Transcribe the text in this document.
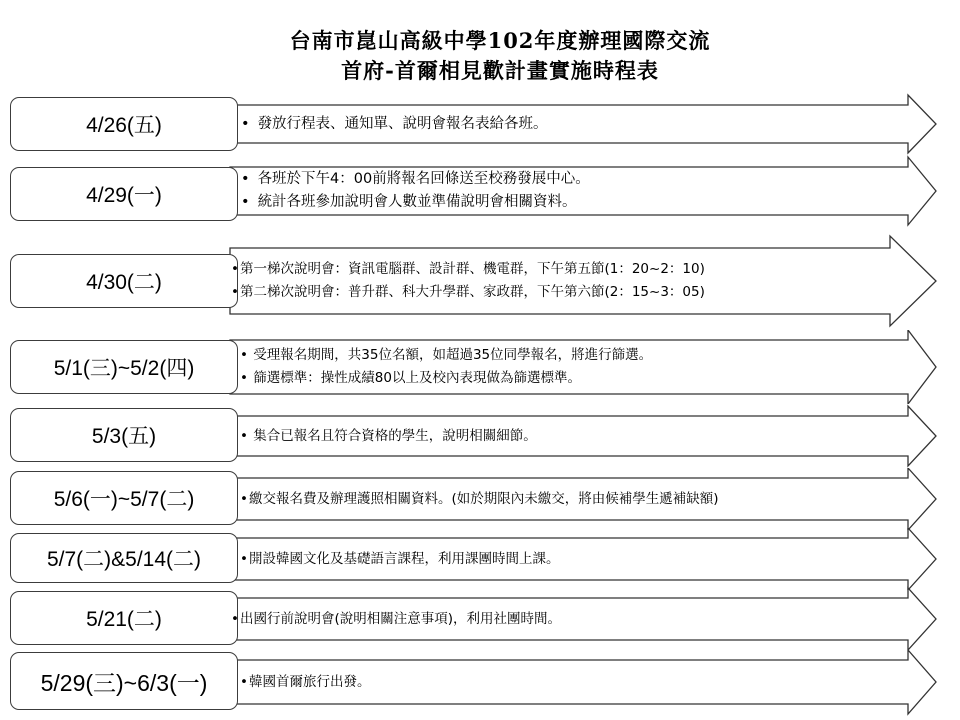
台南市崑山高級中學102年度辦理國際交流
首府-首爾相見歡計畫實施時程表
4/26(五)	• 發放行程表、通知單、說明會報名表給各班。
4/29(一)
• 各班於下午4：00前將報名回條送至校務發展中心。
• 統計各班參加說明會人數並準備說明會相關資料。
4/30(二)
•第一梯次說明會：資訊電腦群、設計群、機電群，下午第五節(1：20~2：10)
•第二梯次說明會：普升群、科大升學群、家政群，下午第六節(2：15~3：05)
5/1(三)~5/2(四)
• 受理報名期間，共35位名額，如超過35位同學報名，將進行篩選。
• 篩選標準：操性成績80以上及校內表現做為篩選標準。
5/3(五)	• 集合已報名且符合資格的學生，說明相關細節。
5/6(一)~5/7(二)	•繳交報名費及辦理護照相關資料。(如於期限內未繳交，將由候補學生遞補缺額)
5/7(二)&5/14(二)	•開設韓國文化及基礎語言課程，利用課團時間上課。
5/21(二)	•出國行前說明會(說明相關注意事項)，利用社團時間。
5/29(三)~6/3(一) •韓國首爾旅行出發。
